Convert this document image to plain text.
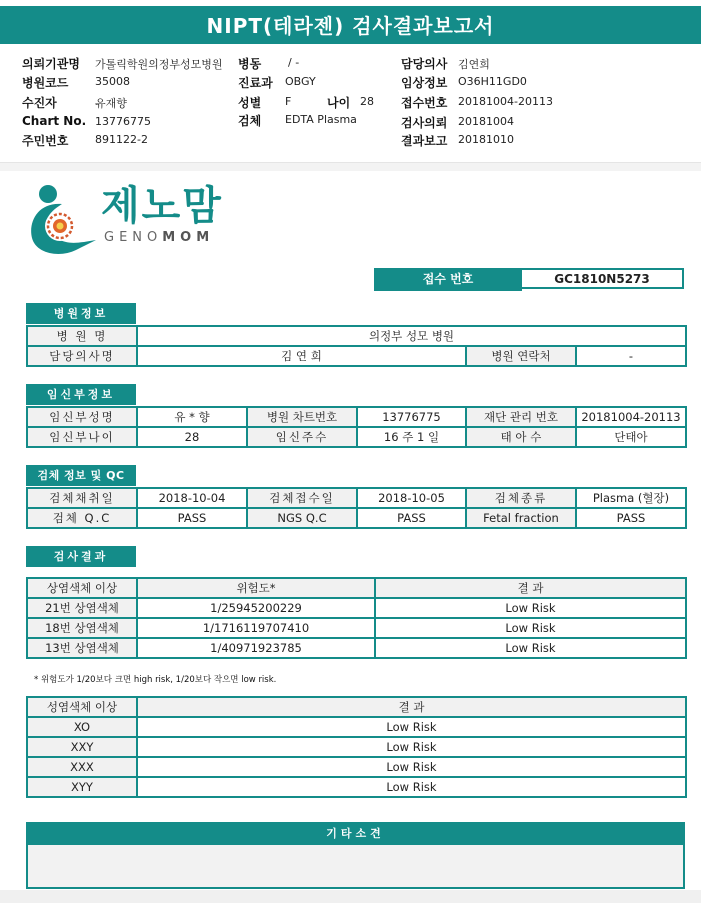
NIPT(테라젠) 검사결과보고서
의뢰기관명 가톨릭학원의정부성모병원 병동 / -	담당의사 김연희
병원코드 35008	진료과 OBGY	임상정보 O36H11GD0
수진자	유재향	성별 F	나이 28 접수번호 20181004-20113
Chart No. 13776775	검체 EDTA Plasma	검사의뢰 20181004
주민번호 891122-2	결과보고 20181010
제노맘
GENOMOM
접수 번호	GC1810N5273
병원정보
병 원 명	의정부 성모 병원		
담당의사명	김 연 희	병원 연락처	-
임신부정보
임신부성명	유 * 향	병원 차트번호	13776775	재단 관리 번호	20181004-20113
임신부나이	28	임신주수	16 주 1 일	태 아 수	단태아
검체 정보 및 QC
검체채취일	2018-10-04	검체접수일	2018-10-05	검체종류	Plasma (혈장)
검체 Q.C	PASS	NGS Q.C	PASS	Fetal fraction	PASS
검사결과
상염색체 이상	위험도*	결 과
21번 상염색체	1/25945200229	Low Risk
18번 상염색체	1/1716119707410	Low Risk
13번 상염색체	1/40971923785	Low Risk
* 위험도가 1/20보다 크면 high risk, 1/20보다 작으면 low risk.
성염색체 이상	결 과
XO	Low Risk
XXY	Low Risk
XXX	Low Risk
XYY	Low Risk
기타소견
